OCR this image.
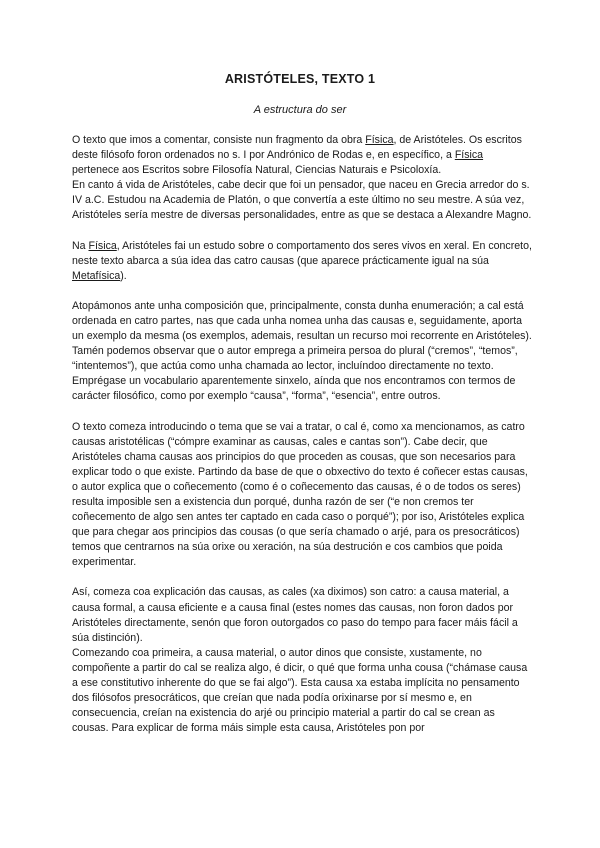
ARISTÓTELES, TEXTO 1
A estructura do ser

O texto que imos a comentar, consiste nun fragmento da obra Física, de Aristóteles. Os escritos deste filósofo foron ordenados no s. I por Andrónico de Rodas e, en específico, a Física pertenece aos Escritos sobre Filosofía Natural, Ciencias Naturais e Psicoloxía.

En canto á vida de Aristóteles, cabe decir que foi un pensador, que naceu en Grecia arredor do s. IV a.C. Estudou na Academia de Platón, o que convertía a este último no seu mestre. A súa vez, Aristóteles sería mestre de diversas personalidades, entre as que se destaca a Alexandre Magno.

Na Física, Aristóteles fai un estudo sobre o comportamento dos seres vivos en xeral. En concreto, neste texto abarca a súa idea das catro causas (que aparece prácticamente igual na súa Metafísica).

Atopámonos ante unha composición que, principalmente, consta dunha enumeración; a cal está ordenada en catro partes, nas que cada unha nomea unha das causas e, seguidamente, aporta un exemplo da mesma (os exemplos, ademais, resultan un recurso moi recorrente en Aristóteles). Tamén podemos observar que o autor emprega a primeira persoa do plural (“cremos”, “temos”, “intentemos”), que actúa como unha chamada ao lector, incluíndoo directamente no texto. Emprégase un vocabulario aparentemente sinxelo, aínda que nos encontramos con termos de carácter filosófico, como por exemplo “causa”, “forma”, “esencia”, entre outros.

O texto comeza introducindo o tema que se vai a tratar, o cal é, como xa mencionamos, as catro causas aristotélicas (“cómpre examinar as causas, cales e cantas son”). Cabe decir, que Aristóteles chama causas aos principios do que proceden as cousas, que son necesarios para explicar todo o que existe. Partindo da base de que o obxectivo do texto é coñecer estas causas, o autor explica que o coñecemento (como é o coñecemento das causas, é o de todos os seres) resulta imposible sen a existencia dun porqué, dunha razón de ser (“e non cremos ter coñecemento de algo sen antes ter captado en cada caso o porqué”); por iso, Aristóteles explica que para chegar aos principios das cousas (o que sería chamado o arjé, para os presocráticos) temos que centrarnos na súa orixe ou xeración, na súa destrución e cos cambios que poida experimentar.

Así, comeza coa explicación das causas, as cales (xa diximos) son catro: a causa material, a causa formal, a causa eficiente e a causa final (estes nomes das causas, non foron dados por Aristóteles directamente, senón que foron outorgados co paso do tempo para facer máis fácil a súa distinción).

Comezando coa primeira, a causa material, o autor dinos que consiste, xustamente, no compoñente a partir do cal se realiza algo, é dicir, o qué que forma unha cousa (“chámase causa a ese constitutivo inherente do que se fai algo”). Esta causa xa estaba implícita no pensamento dos filósofos presocráticos, que creían que nada podía orixinarse por sí mesmo e, en consecuencia, creían na existencia do arjé ou principio material a partir do cal se crean as cousas. Para explicar de forma máis simple esta causa, Aristóteles pon por
